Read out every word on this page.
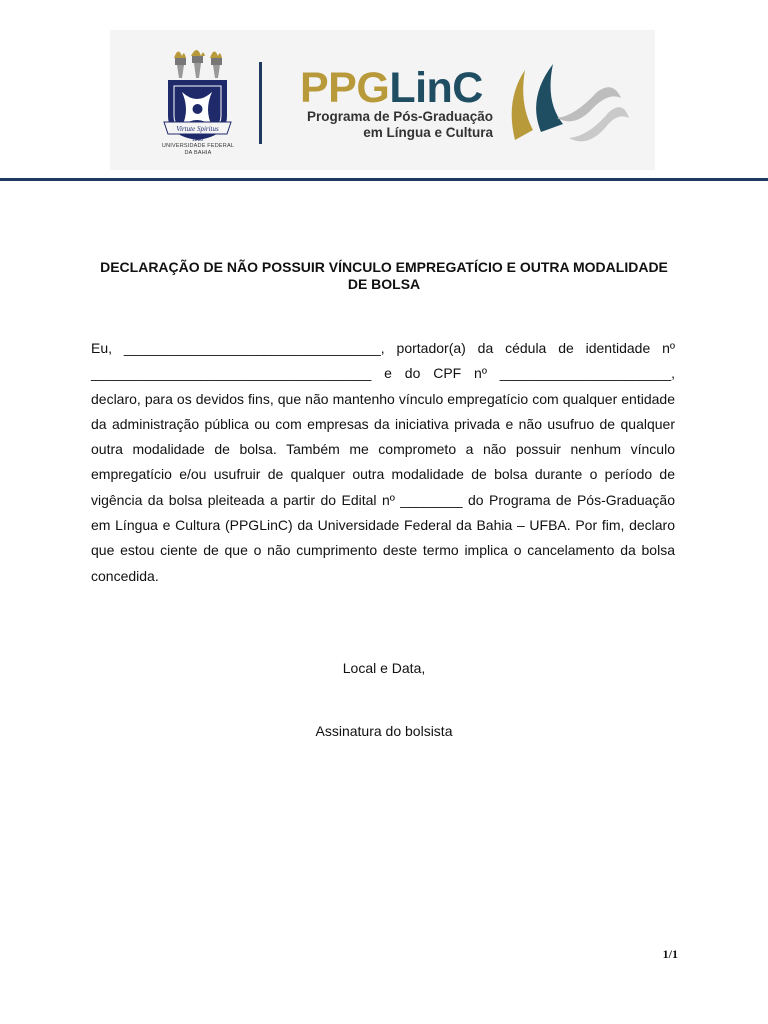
Virtute Spiritus
1808
UNIVERSIDADE FEDERAL
DA BAHIA
PPGLinC
Programa de Pós-Graduação
em Língua e Cultura
DECLARAÇÃO DE NÃO POSSUIR VÍNCULO EMPREGATÍCIO E OUTRA MODALIDADE DE BOLSA

Eu, _________________________________, portador(a) da cédula de identidade nº ____________________________________ e do CPF nº ______________________, declaro, para os devidos fins, que não mantenho vínculo empregatício com qualquer entidade da administração pública ou com empresas da iniciativa privada e não usufruo de qualquer outra modalidade de bolsa. Também me comprometo a não possuir nenhum vínculo empregatício e/ou usufruir de qualquer outra modalidade de bolsa durante o período de vigência da bolsa pleiteada a partir do Edital nº ________ do Programa de Pós-Graduação em Língua e Cultura (PPGLinC) da Universidade Federal da Bahia – UFBA. Por fim, declaro que estou ciente de que o não cumprimento deste termo implica o cancelamento da bolsa concedida.

Local e Data,
Assinatura do bolsista
1/1
